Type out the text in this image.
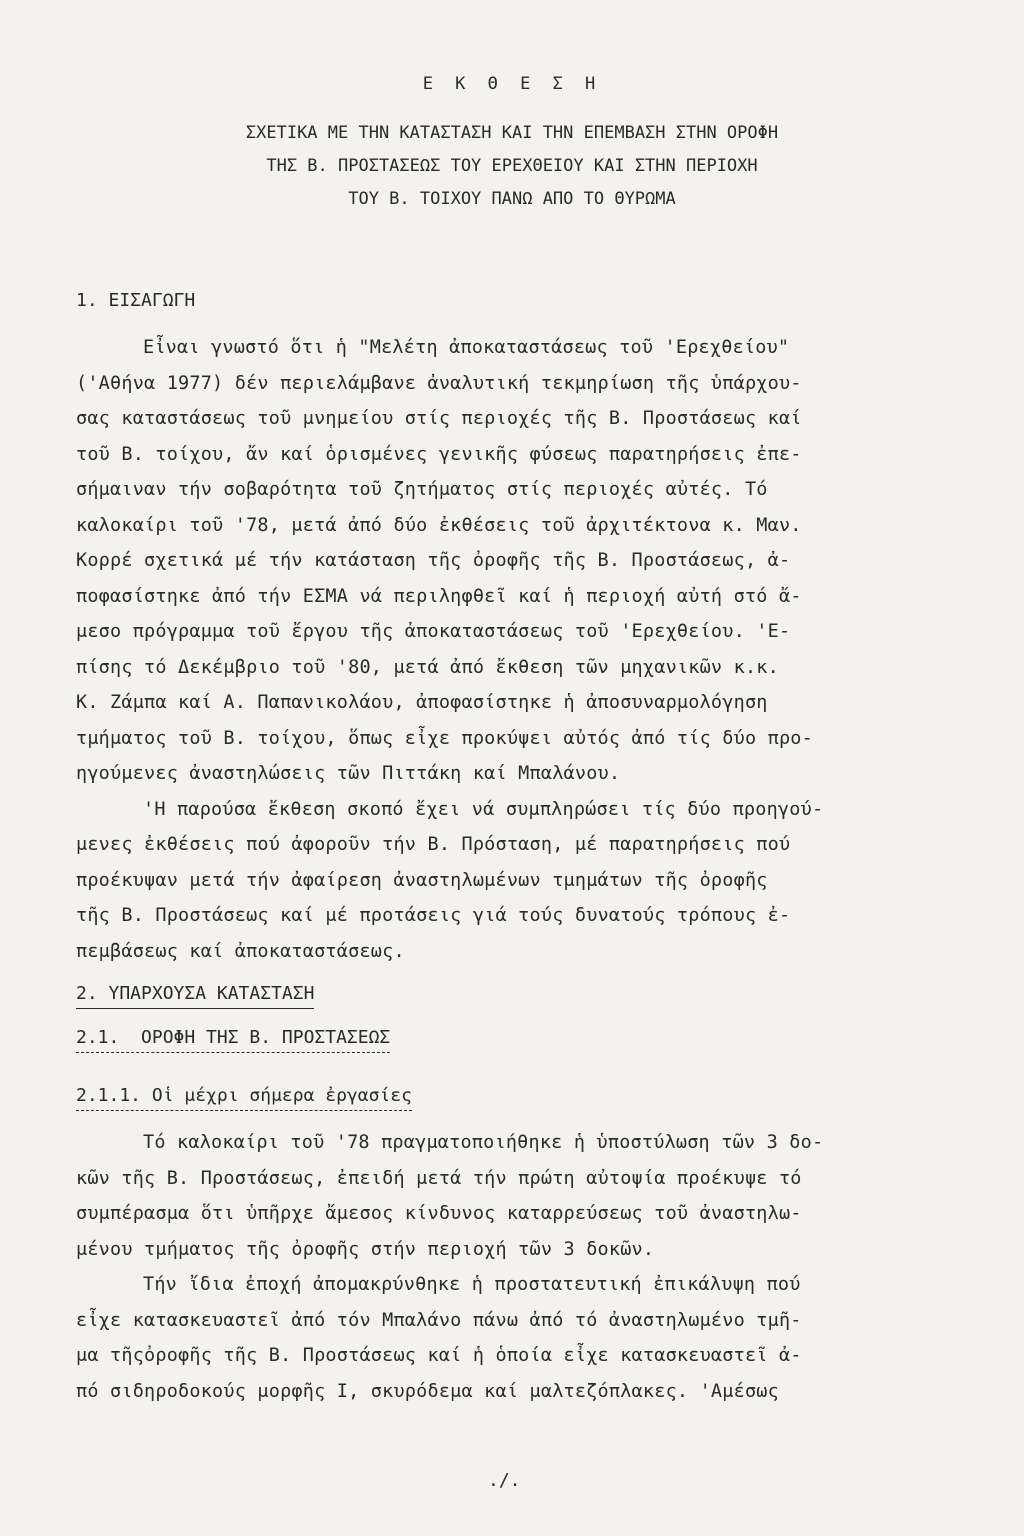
Ε Κ Θ Ε Σ Η
ΣΧΕΤΙΚΑ ΜΕ ΤΗΝ ΚΑΤΑΣΤΑΣΗ ΚΑΙ ΤΗΝ ΕΠΕΜΒΑΣΗ ΣΤΗΝ ΟΡΟΦΗ
ΤΗΣ Β. ΠΡΟΣΤΑΣΕΩΣ ΤΟΥ ΕΡΕΧΘΕΙΟΥ ΚΑΙ ΣΤΗΝ ΠΕΡΙΟΧΗ
ΤΟΥ Β. ΤΟΙΧΟΥ ΠΑΝΩ ΑΠΟ ΤΟ ΘΥΡΩΜΑ
1. ΕΙΣΑΓΩΓΗ
Εἶναι γνωστό ὅτι ἡ "Μελέτη ἀποκαταστάσεως τοῦ 'Ερεχθείου"
('Αθήνα 1977) δέν περιελάμβανε ἀναλυτική τεκμηρίωση τῆς ὑπάρχου-
σας καταστάσεως τοῦ μνημείου στίς περιοχές τῆς Β. Προστάσεως καί
τοῦ Β. τοίχου, ἄν καί ὁρισμένες γενικῆς φύσεως παρατηρήσεις ἐπε-
σήμαιναν τήν σοβαρότητα τοῦ ζητήματος στίς περιοχές αὐτές. Τό
καλοκαίρι τοῦ '78, μετά ἀπό δύο ἐκθέσεις τοῦ ἀρχιτέκτονα κ. Μαν.
Κορρέ σχετικά μέ τήν κατάσταση τῆς ὀροφῆς τῆς Β. Προστάσεως, ἀ-
ποφασίστηκε ἀπό τήν ΕΣΜΑ νά περιληφθεῖ καί ἡ περιοχή αὐτή στό ἄ-
μεσο πρόγραμμα τοῦ ἔργου τῆς ἀποκαταστάσεως τοῦ 'Ερεχθείου. 'Ε-
πίσης τό Δεκέμβριο τοῦ '80, μετά ἀπό ἔκθεση τῶν μηχανικῶν κ.κ.
Κ. Ζάμπα καί Α. Παπανικολάου, ἀποφασίστηκε ἡ ἀποσυναρμολόγηση
τμήματος τοῦ Β. τοίχου, ὅπως εἶχε προκύψει αὐτός ἀπό τίς δύο προ-
ηγούμενες ἀναστηλώσεις τῶν Πιττάκη καί Μπαλάνου.
'Η παρούσα ἔκθεση σκοπό ἔχει νά συμπληρώσει τίς δύο προηγού-
μενες ἐκθέσεις πού ἀφοροῦν τήν Β. Πρόσταση, μέ παρατηρήσεις πού
προέκυψαν μετά τήν ἀφαίρεση ἀναστηλωμένων τμημάτων τῆς ὀροφῆς
τῆς Β. Προστάσεως καί μέ προτάσεις γιά τούς δυνατούς τρόπους ἐ-
πεμβάσεως καί ἀποκαταστάσεως.
2. ΥΠΑΡΧΟΥΣΑ ΚΑΤΑΣΤΑΣΗ
2.1.  ΟΡΟΦΗ ΤΗΣ Β. ΠΡΟΣΤΑΣΕΩΣ
2.1.1. Οἱ μέχρι σήμερα ἐργασίες
Τό καλοκαίρι τοῦ '78 πραγματοποιήθηκε ἡ ὑποστύλωση τῶν 3 δο-
κῶν τῆς Β. Προστάσεως, ἐπειδή μετά τήν πρώτη αὐτοψία προέκυψε τό
συμπέρασμα ὅτι ὑπῆρχε ἄμεσος κίνδυνος καταρρεύσεως τοῦ ἀναστηλω-
μένου τμήματος τῆς ὀροφῆς στήν περιοχή τῶν 3 δοκῶν.
Τήν ἴδια ἐποχή ἀπομακρύνθηκε ἡ προστατευτική ἐπικάλυψη πού
εἶχε κατασκευαστεῖ ἀπό τόν Μπαλάνο πάνω ἀπό τό ἀναστηλωμένο τμῆ-
μα τῆςὀροφῆς τῆς Β. Προστάσεως καί ἡ ὁποία εἶχε κατασκευαστεῖ ἀ-
πό σιδηροδοκούς μορφῆς Ι, σκυρόδεμα καί μαλτεζόπλακες. 'Αμέσως
./.
